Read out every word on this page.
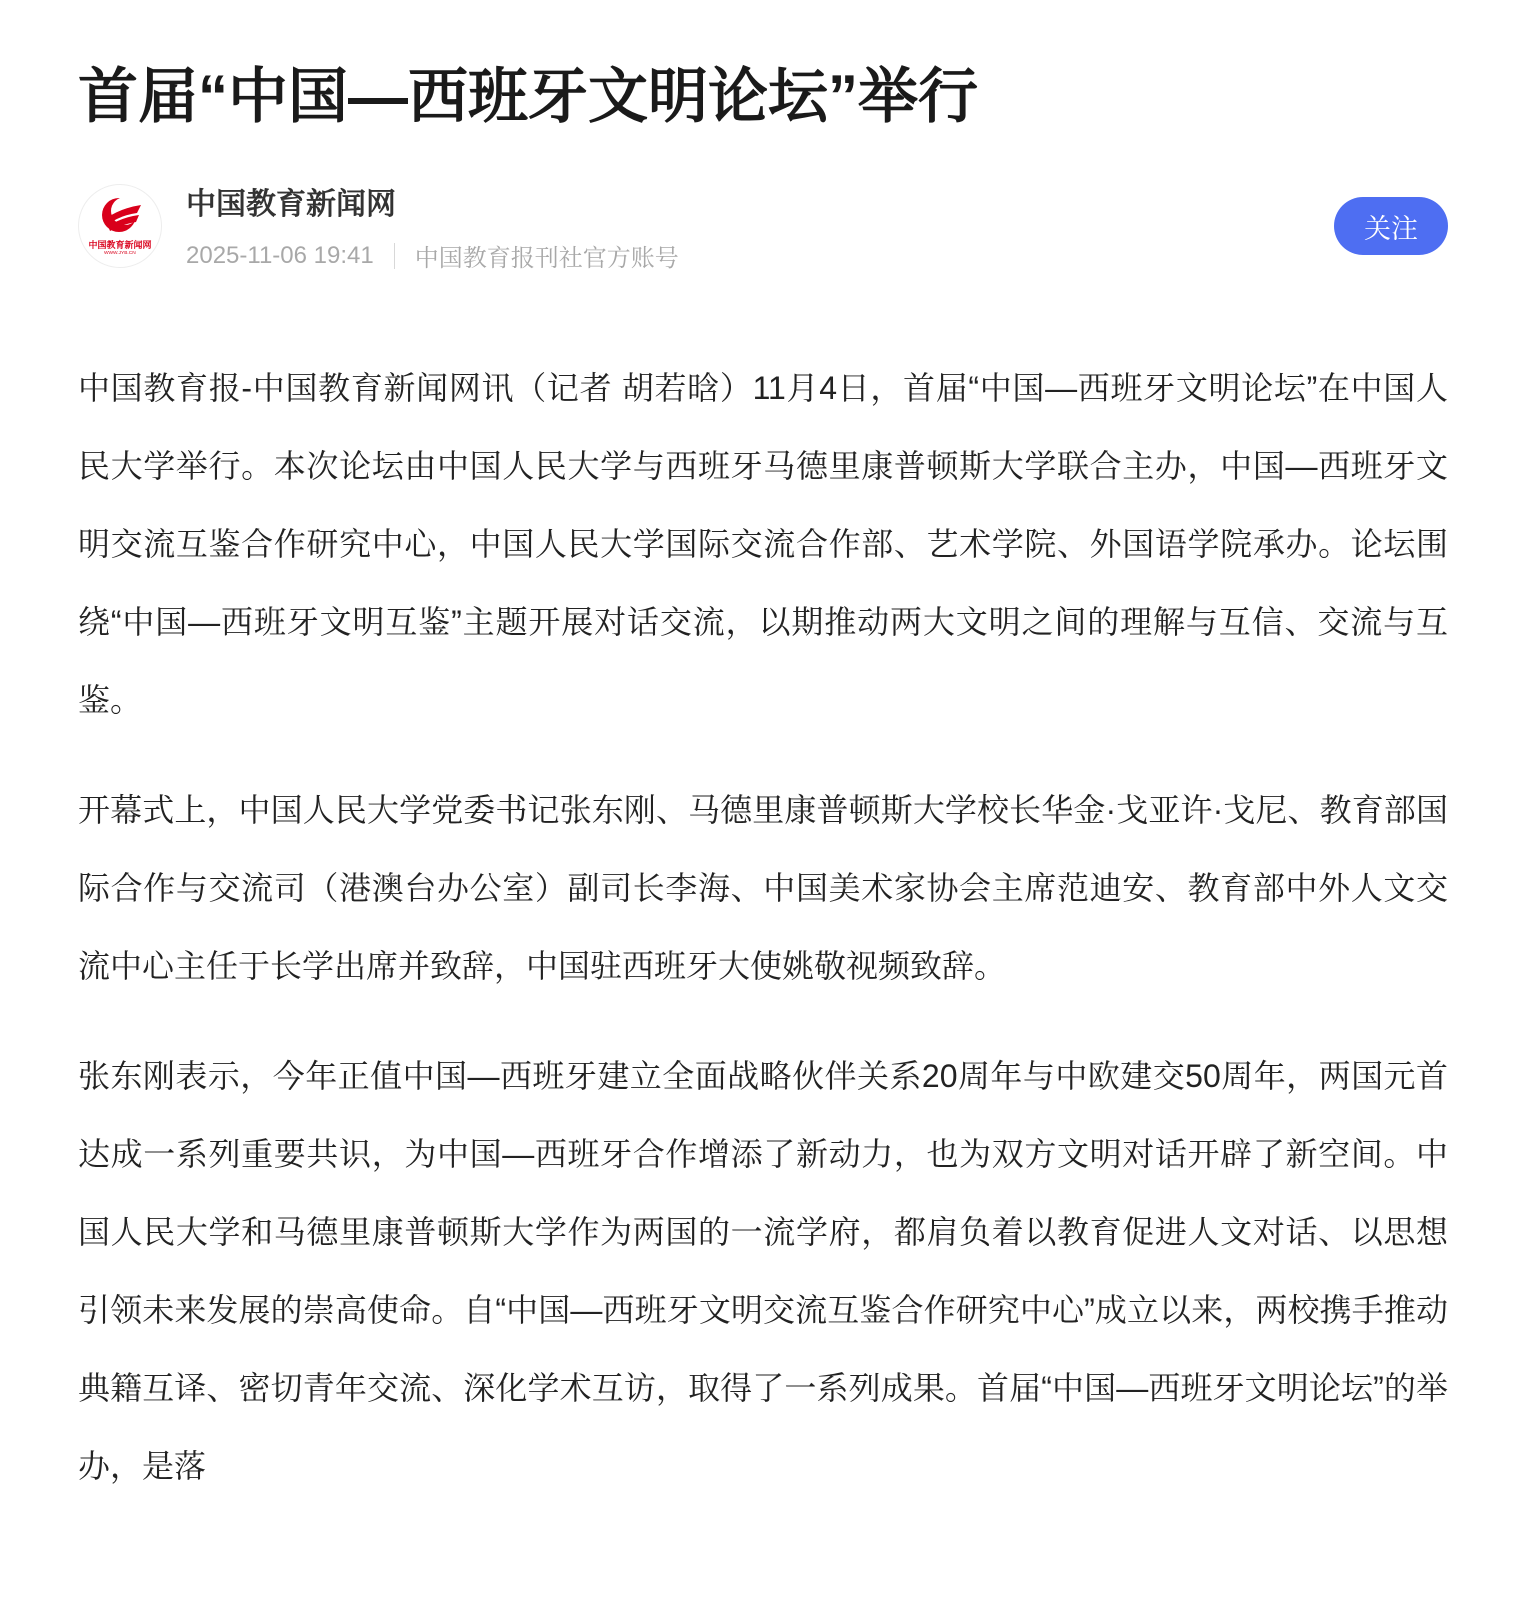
首届“中国—西班牙文明论坛”举行
中国教育新闻网
WWW.JYB.CN
中国教育新闻网
2025-11-06 19:41 中国教育报刊社官方账号
关注

中国教育报-中国教育新闻网讯（记者 胡若晗）11月4日，首届“中国—西班牙文明论坛”在中国人民大学举行。本次论坛由中国人民大学与西班牙马德里康普顿斯大学联合主办，中国—西班牙文明交流互鉴合作研究中心，中国人民大学国际交流合作部、艺术学院、外国语学院承办。论坛围绕“中国—西班牙文明互鉴”主题开展对话交流，以期推动两大文明之间的理解与互信、交流与互鉴。

开幕式上，中国人民大学党委书记张东刚、马德里康普顿斯大学校长华金·戈亚许·戈尼、教育部国际合作与交流司（港澳台办公室）副司长李海、中国美术家协会主席范迪安、教育部中外人文交流中心主任于长学出席并致辞，中国驻西班牙大使姚敬视频致辞。

张东刚表示，今年正值中国—西班牙建立全面战略伙伴关系20周年与中欧建交50周年，两国元首达成一系列重要共识，为中国—西班牙合作增添了新动力，也为双方文明对话开辟了新空间。中国人民大学和马德里康普顿斯大学作为两国的一流学府，都肩负着以教育促进人文对话、以思想引领未来发展的崇高使命。自“中国—西班牙文明交流互鉴合作研究中心”成立以来，两校携手推动典籍互译、密切青年交流、深化学术互访，取得了一系列成果。首届“中国—西班牙文明论坛”的举办，是落
